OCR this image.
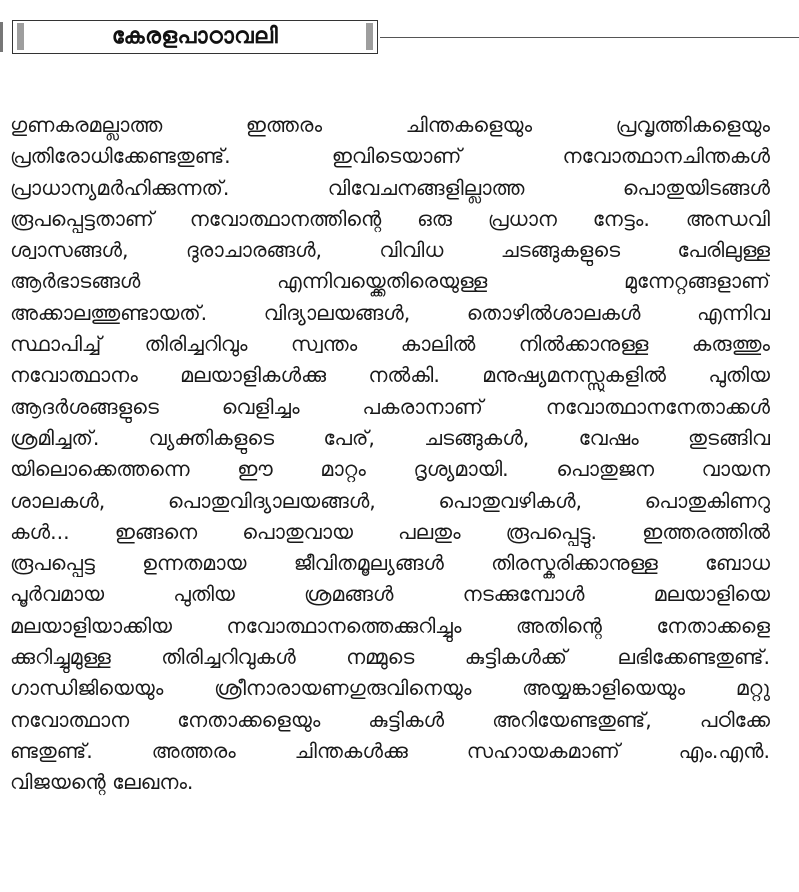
കേരളപാഠാവലി
ഗുണകരമല്ലാത്ത ഇത്തരം ചിന്തകളെയും പ്രവൃത്തികളെയും
പ്രതിരോധിക്കേണ്ടതുണ്ട്. ഇവിടെയാണ് നവോത്ഥാനചിന്തകൾ
പ്രാധാന്യമർഹിക്കുന്നത്. വിവേചനങ്ങളില്ലാത്ത പൊതുയിടങ്ങൾ
രൂപപ്പെട്ടതാണ് നവോത്ഥാനത്തിന്റെ ഒരു പ്രധാന നേട്ടം. അന്ധവി
ശ്വാസങ്ങൾ, ദുരാചാരങ്ങൾ, വിവിധ ചടങ്ങുകളുടെ പേരിലുള്ള
ആർഭാടങ്ങൾ എന്നിവയ്ക്കെതിരെയുള്ള മുന്നേറ്റങ്ങളാണ്
അക്കാലത്തുണ്ടായത്. വിദ്യാലയങ്ങൾ, തൊഴിൽശാലകൾ എന്നിവ
സ്ഥാപിച്ച് തിരിച്ചറിവും സ്വന്തം കാലിൽ നിൽക്കാനുള്ള കരുത്തും
നവോത്ഥാനം മലയാളികൾക്കു നൽകി. മനുഷ്യമനസ്സുകളിൽ പുതിയ
ആദർശങ്ങളുടെ വെളിച്ചം പകരാനാണ് നവോത്ഥാനനേതാക്കൾ
ശ്രമിച്ചത്. വ്യക്തികളുടെ പേര്, ചടങ്ങുകൾ, വേഷം തുടങ്ങിവ
യിലൊക്കെത്തന്നെ ഈ മാറ്റം ദൃശ്യമായി. പൊതുജന വായന
ശാലകൾ, പൊതുവിദ്യാലയങ്ങൾ, പൊതുവഴികൾ, പൊതുകിണറു
കൾ... ഇങ്ങനെ പൊതുവായ പലതും രൂപപ്പെട്ടു. ഇത്തരത്തിൽ
രൂപപ്പെട്ട ഉന്നതമായ ജീവിതമൂല്യങ്ങൾ തിരസ്കരിക്കാനുള്ള ബോധ
പൂർവമായ പുതിയ ശ്രമങ്ങൾ നടക്കുമ്പോൾ മലയാളിയെ
മലയാളിയാക്കിയ നവോത്ഥാനത്തെക്കുറിച്ചും അതിന്റെ നേതാക്കളെ
ക്കുറിച്ചുമുള്ള തിരിച്ചറിവുകൾ നമ്മുടെ കുട്ടികൾക്ക് ലഭിക്കേണ്ടതുണ്ട്.
ഗാന്ധിജിയെയും ശ്രീനാരായണഗുരുവിനെയും അയ്യങ്കാളിയെയും മറ്റു
നവോത്ഥാന നേതാക്കളെയും കുട്ടികൾ അറിയേണ്ടതുണ്ട്, പഠിക്കേ
ണ്ടതുണ്ട്. അത്തരം ചിന്തകൾക്കു സഹായകമാണ് എം.എൻ.
വിജയന്റെ ലേഖനം.
